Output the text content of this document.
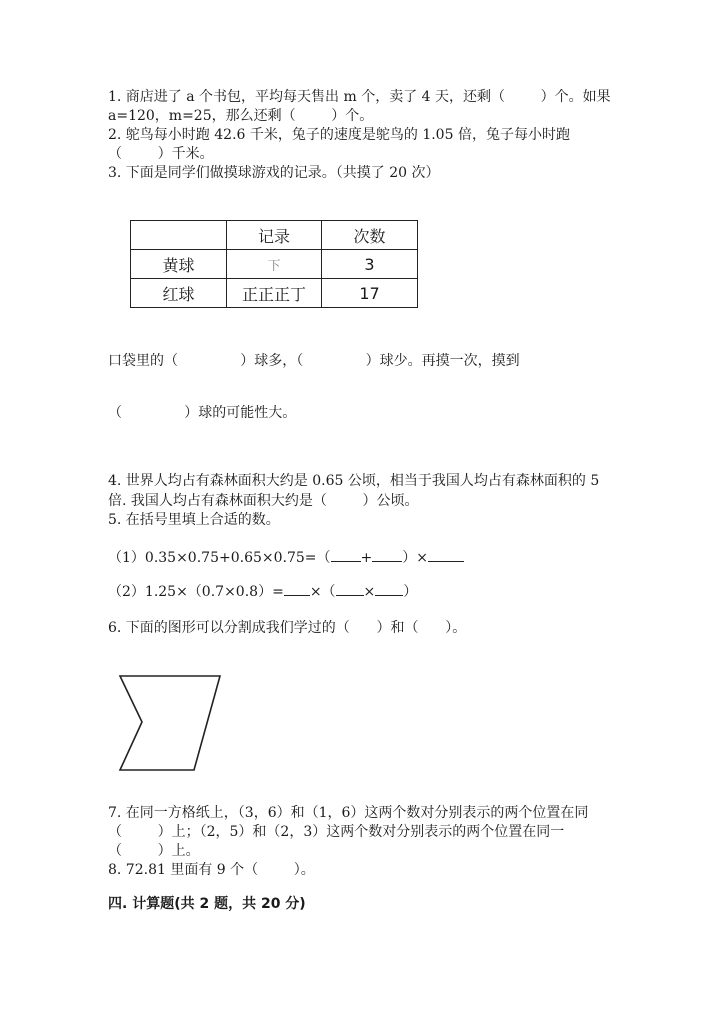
1. 商店进了 a 个书包，平均每天售出 m 个，卖了 4 天，还剩（        ）个。如果
a=120，m=25，那么还剩（        ）个。
2. 鸵鸟每小时跑 42.6 千米，兔子的速度是鸵鸟的 1.05 倍，兔子每小时跑
（        ）千米。
3. 下面是同学们做摸球游戏的记录。（共摸了 20 次）
	记录	次数
黄球	下	3
红球	正正正丁	17
口袋里的（              ）球多，（              ）球少。再摸一次，摸到
（              ）球的可能性大。
4. 世界人均占有森林面积大约是 0.65 公顷，相当于我国人均占有森林面积的 5
倍. 我国人均占有森林面积大约是（        ）公顷。
5. 在括号里填上合适的数。
（1）0.35×0.75+0.65×0.75=（ + ）×
（2）1.25×（0.7×0.8）= ×（ × ）
6. 下面的图形可以分割成我们学过的（      ）和（      ）。
7. 在同一方格纸上，（3，6）和（1，6）这两个数对分别表示的两个位置在同
（        ）上；（2，5）和（2，3）这两个数对分别表示的两个位置在同一
（        ）上。
8. 72.81 里面有 9 个（        ）。
四. 计算题(共 2 题，共 20 分)
